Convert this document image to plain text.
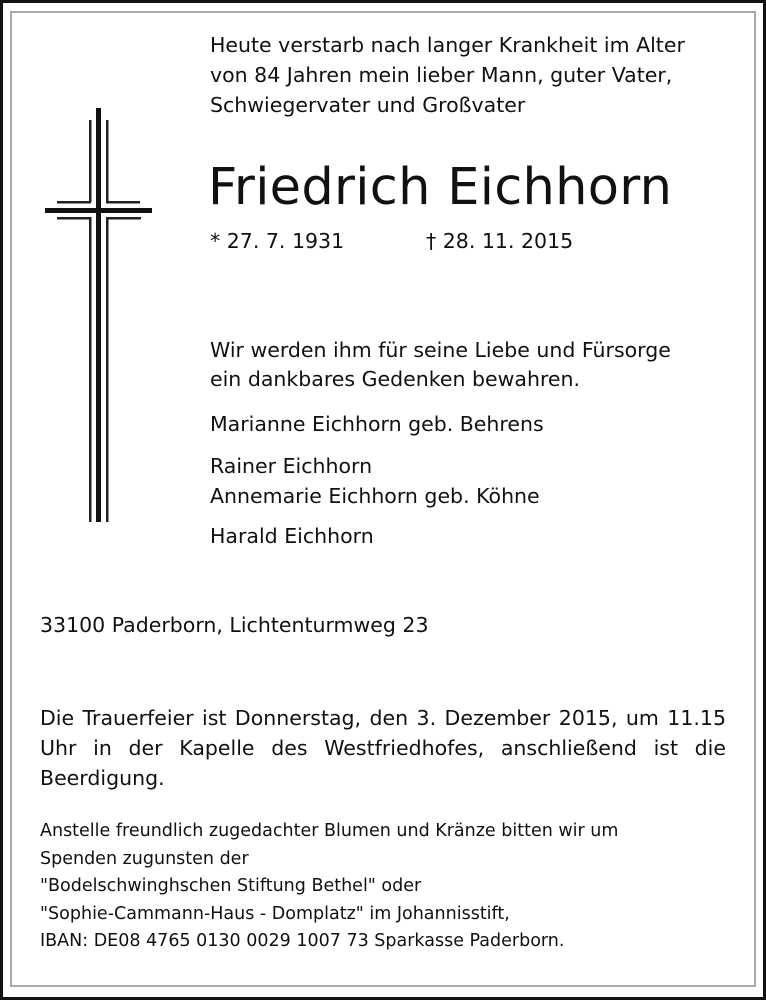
Heute verstarb nach langer Krankheit im Alter
von 84 Jahren mein lieber Mann, guter Vater,
Schwiegervater und Großvater
Friedrich Eichhorn
* 27. 7. 1931	† 28. 11. 2015
Wir werden ihm für seine Liebe und Fürsorge
ein dankbares Gedenken bewahren.
Marianne Eichhorn geb. Behrens
Rainer Eichhorn
Annemarie Eichhorn geb. Köhne
Harald Eichhorn
33100 Paderborn, Lichtenturmweg 23
Die Trauerfeier ist Donnerstag, den 3. Dezember 2015, um 11.15 Uhr in der Kapelle des Westfriedhofes, anschließend ist die Beerdigung.
Anstelle freundlich zugedachter Blumen und Kränze bitten wir um
Spenden zugunsten der
"Bodelschwinghschen Stiftung Bethel" oder
"Sophie-Cammann-Haus - Domplatz" im Johannisstift,
IBAN: DE08 4765 0130 0029 1007 73 Sparkasse Paderborn.
